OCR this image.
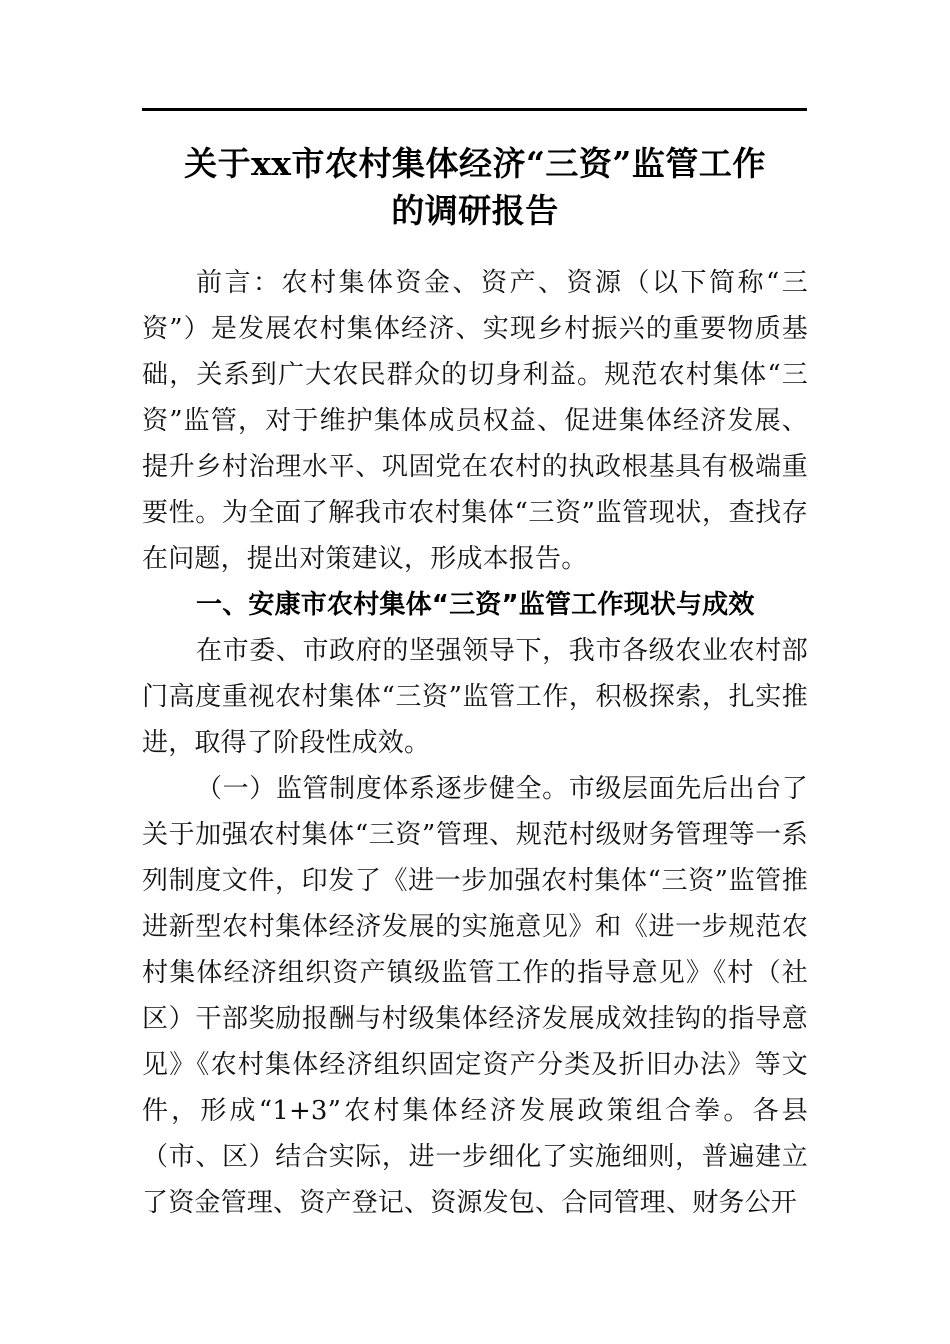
关于xx市农村集体经济“三资”监管工作
的调研报告

前言：农村集体资金、资产、资源（以下简称“三资”）是发展农村集体经济、实现乡村振兴的重要物质基础，关系到广大农民群众的切身利益。规范农村集体“三资”监管，对于维护集体成员权益、促进集体经济发展、提升乡村治理水平、巩固党在农村的执政根基具有极端重要性。为全面了解我市农村集体“三资”监管现状，查找存在问题，提出对策建议，形成本报告。

一、安康市农村集体“三资”监管工作现状与成效

在市委、市政府的坚强领导下，我市各级农业农村部门高度重视农村集体“三资”监管工作，积极探索，扎实推进，取得了阶段性成效。

（一）监管制度体系逐步健全。市级层面先后出台了关于加强农村集体“三资”管理、规范村级财务管理等一系列制度文件，印发了《进一步加强农村集体“三资”监管推进新型农村集体经济发展的实施意见》和《进一步规范农村集体经济组织资产镇级监管工作的指导意见》《村（社区）干部奖励报酬与村级集体经济发展成效挂钩的指导意见》《农村集体经济组织固定资产分类及折旧办法》等文件，形成“1+3”农村集体经济发展政策组合拳。各县（市、区）结合实际，进一步细化了实施细则，普遍建立了资金管理、资产登记、资源发包、合同管理、财务公开
